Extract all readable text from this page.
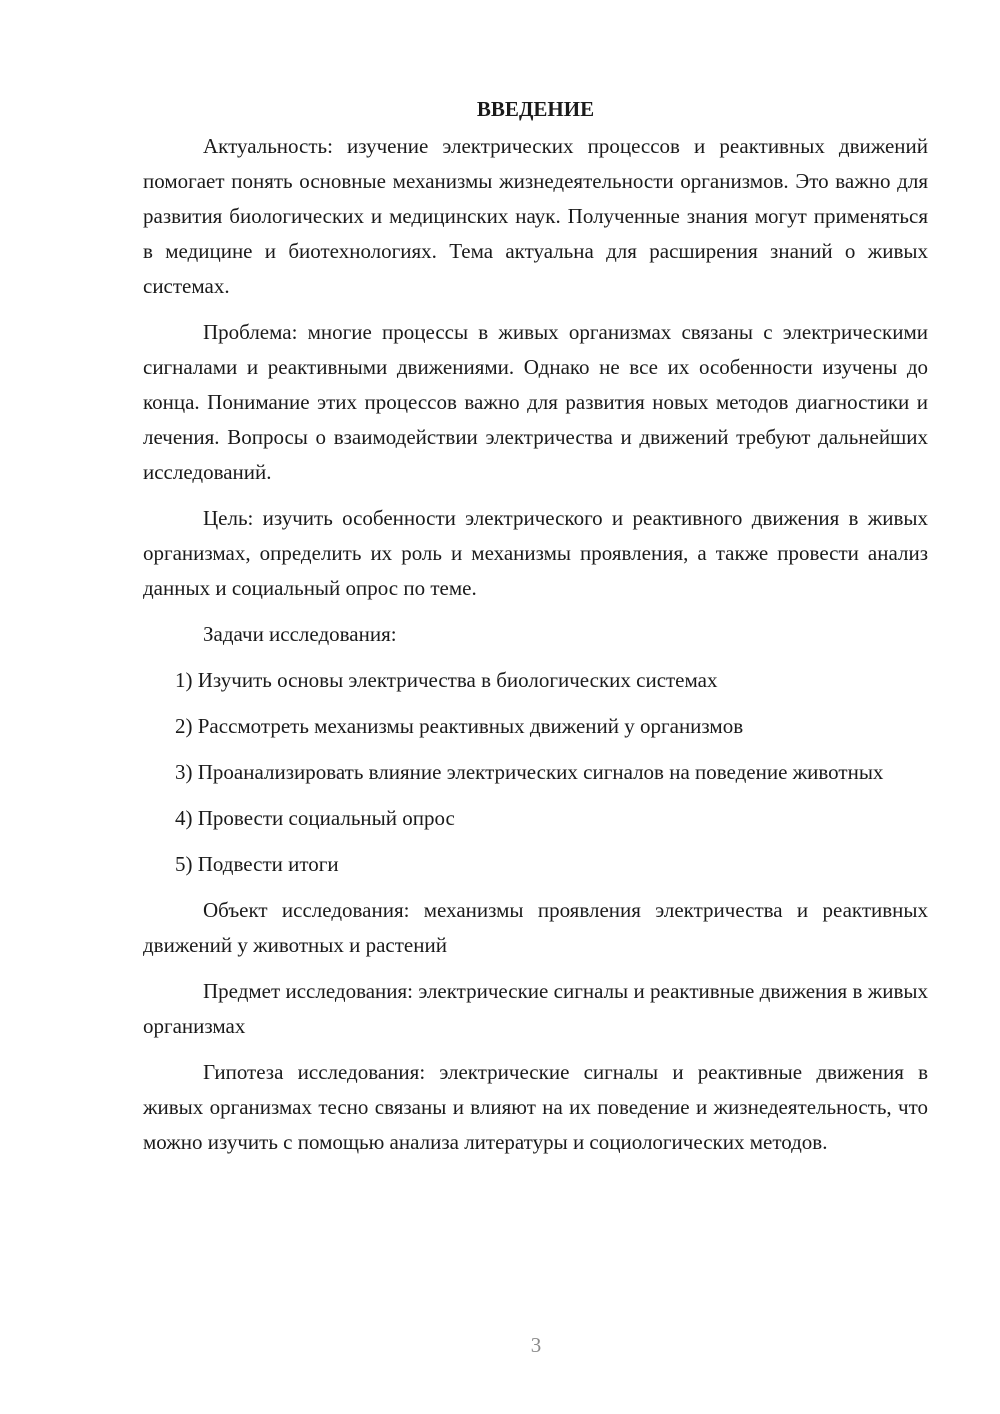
ВВЕДЕНИЕ

Актуальность: изучение электрических процессов и реактивных движений помогает понять основные механизмы жизнедеятельности организмов. Это важно для развития биологических и медицинских наук. Полученные знания могут применяться в медицине и биотехнологиях. Тема актуальна для расширения знаний о живых системах.

Проблема: многие процессы в живых организмах связаны с электрическими сигналами и реактивными движениями. Однако не все их особенности изучены до конца. Понимание этих процессов важно для развития новых методов диагностики и лечения. Вопросы о взаимодействии электричества и движений требуют дальнейших исследований.

Цель: изучить особенности электрического и реактивного движения в живых организмах, определить их роль и механизмы проявления, а также провести анализ данных и социальный опрос по теме.

Задачи исследования:

1) Изучить основы электричества в биологических системах

2) Рассмотреть механизмы реактивных движений у организмов

3) Проанализировать влияние электрических сигналов на поведение животных

4) Провести социальный опрос

5) Подвести итоги

Объект исследования: механизмы проявления электричества и реактивных движений у животных и растений

Предмет исследования: электрические сигналы и реактивные движения в живых организмах

Гипотеза исследования: электрические сигналы и реактивные движения в живых организмах тесно связаны и влияют на их поведение и жизнедеятельность, что можно изучить с помощью анализа литературы и социологических методов.

3
